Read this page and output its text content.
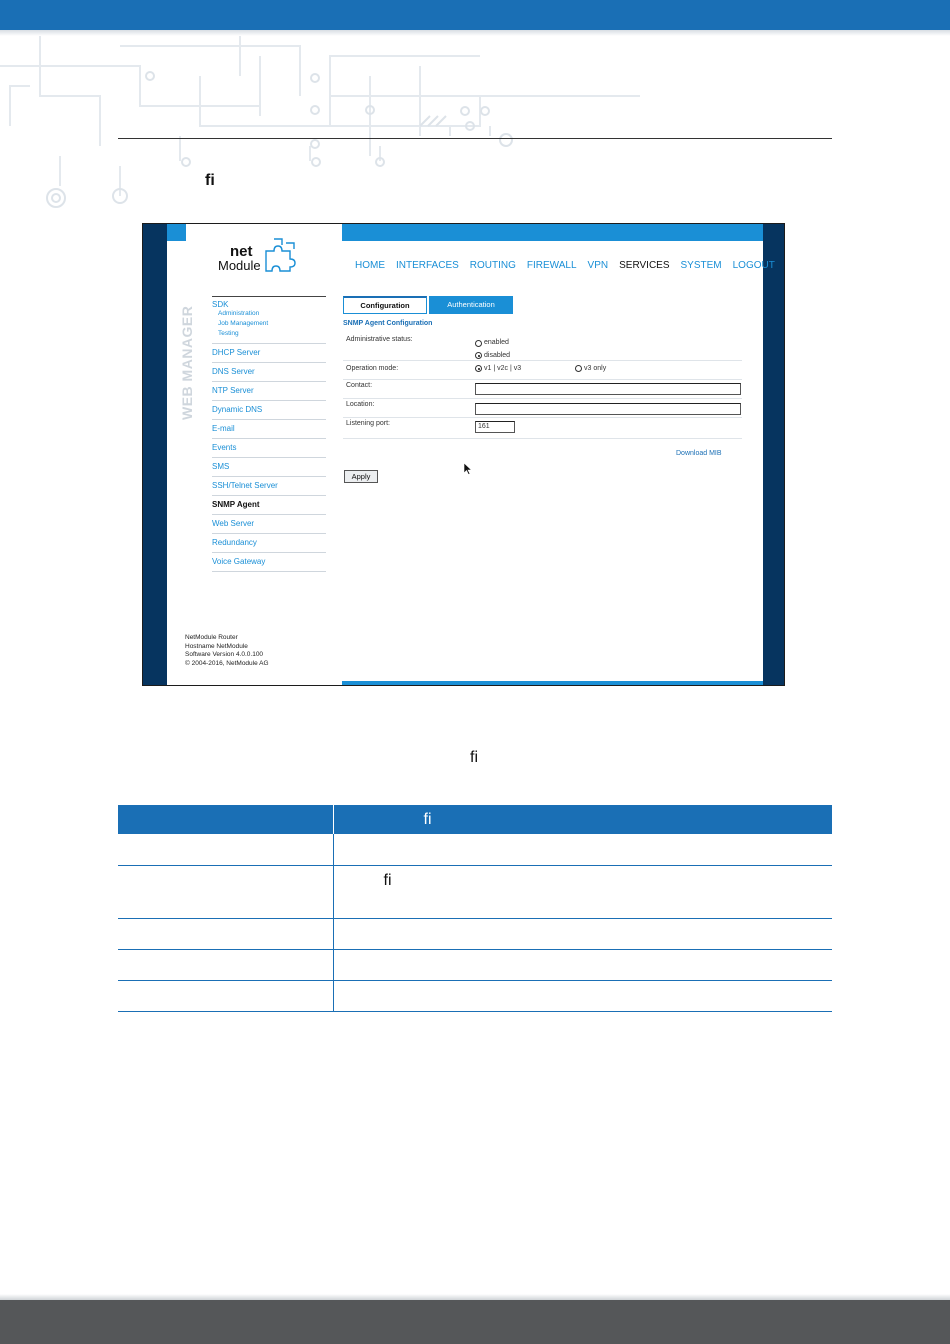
fi
net
Module	HOME INTERFACES ROUTING FIREWALL VPN SERVICES SYSTEM LOGOUT
WEB MANAGER
SDK
Administration
Job Management
Testing
DHCP Server
DNS Server
NTP Server
Dynamic DNS
E-mail
Events
SMS
SSH/Telnet Server
SNMP Agent
Web Server
Redundancy
Voice Gateway
NetModule Router
Hostname NetModule
Software Version 4.0.0.100
© 2004-2016, NetModule AG
Configuration	Authentication
SNMP Agent Configuration
Administrative status:	enabled
disabled
Operation mode:	v1 | v2c | v3	v3 only
Contact:
Location:
Listening port:	161
Download MIB
Apply
fi
	fi

	fi
